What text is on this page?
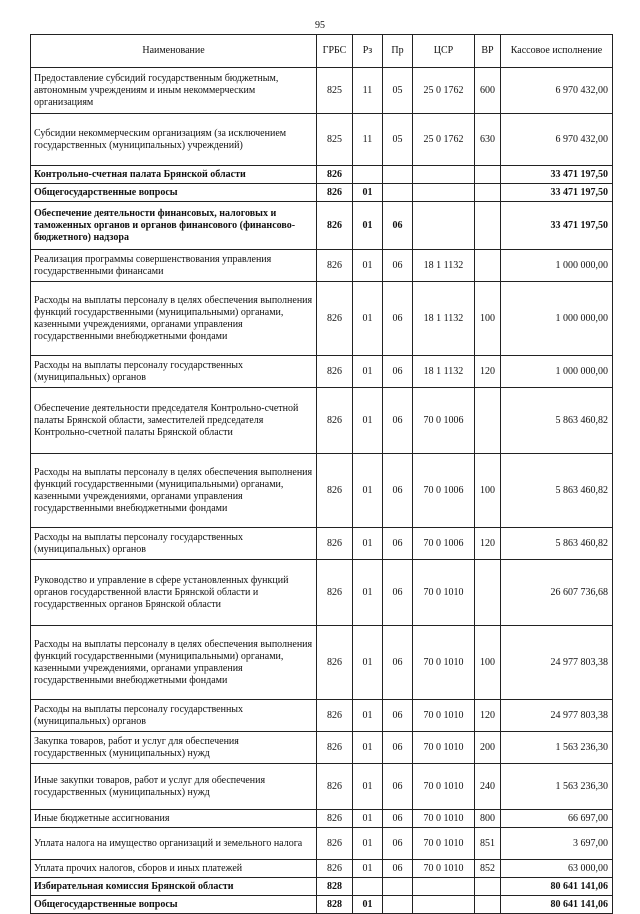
95
Наименование	ГРБС	Рз	Пр	ЦСР	ВР	Кассовое исполнение
Предоставление субсидий государственным бюджетным, автономным учреждениям и иным некоммерческим организациям	825	11	05	25 0 1762	600	6 970 432,00
Субсидии некоммерческим организациям (за исключением государственных (муниципальных) учреждений)	825	11	05	25 0 1762	630	6 970 432,00
Контрольно-счетная палата Брянской области	826					33 471 197,50
Общегосударственные вопросы	826	01				33 471 197,50
Обеспечение деятельности финансовых, налоговых и таможенных органов и органов финансового (финансово-бюджетного) надзора	826	01	06			33 471 197,50
Реализация программы совершенствования управления государственными финансами	826	01	06	18 1 1132		1 000 000,00
Расходы на выплаты персоналу в целях обеспечения выполнения функций государственными (муниципальными) органами, казенными учреждениями, органами управления государственными внебюджетными фондами	826	01	06	18 1 1132	100	1 000 000,00
Расходы на выплаты персоналу государственных (муниципальных) органов	826	01	06	18 1 1132	120	1 000 000,00
Обеспечение деятельности председателя Контрольно-счетной палаты Брянской области, заместителей председателя Контрольно-счетной палаты Брянской области	826	01	06	70 0 1006		5 863 460,82
Расходы на выплаты персоналу в целях обеспечения выполнения функций государственными (муниципальными) органами, казенными учреждениями, органами управления государственными внебюджетными фондами	826	01	06	70 0 1006	100	5 863 460,82
Расходы на выплаты персоналу государственных (муниципальных) органов	826	01	06	70 0 1006	120	5 863 460,82
Руководство и управление в сфере установленных функций органов государственной власти Брянской области и государственных органов Брянской области	826	01	06	70 0 1010		26 607 736,68
Расходы на выплаты персоналу в целях обеспечения выполнения функций государственными (муниципальными) органами, казенными учреждениями, органами управления государственными внебюджетными фондами	826	01	06	70 0 1010	100	24 977 803,38
Расходы на выплаты персоналу государственных (муниципальных) органов	826	01	06	70 0 1010	120	24 977 803,38
Закупка товаров, работ и услуг для обеспечения государственных (муниципальных) нужд	826	01	06	70 0 1010	200	1 563 236,30
Иные закупки товаров, работ и услуг для обеспечения государственных (муниципальных) нужд	826	01	06	70 0 1010	240	1 563 236,30
Иные бюджетные ассигнования	826	01	06	70 0 1010	800	66 697,00
Уплата налога на имущество организаций и земельного налога	826	01	06	70 0 1010	851	3 697,00
Уплата прочих налогов, сборов и иных платежей	826	01	06	70 0 1010	852	63 000,00
Избирательная комиссия Брянской области	828					80 641 141,06
Общегосударственные вопросы	828	01				80 641 141,06
